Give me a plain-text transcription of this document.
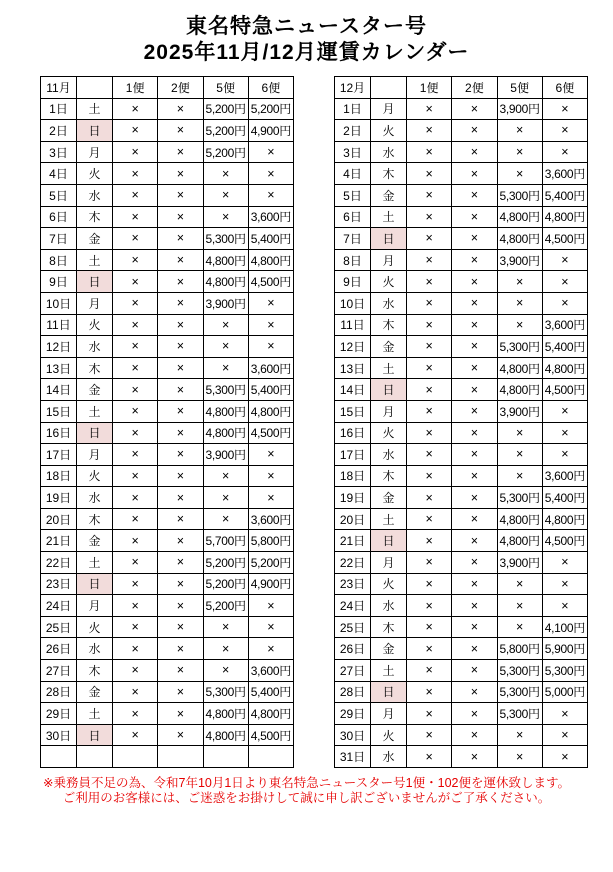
東名特急ニュースター号
2025年11月/12月運賃カレンダー
11月		1便	2便	5便	6便
1日	土	×	×	5,200円	5,200円
2日	日	×	×	5,200円	4,900円
3日	月	×	×	5,200円	×
4日	火	×	×	×	×
5日	水	×	×	×	×
6日	木	×	×	×	3,600円
7日	金	×	×	5,300円	5,400円
8日	土	×	×	4,800円	4,800円
9日	日	×	×	4,800円	4,500円
10日	月	×	×	3,900円	×
11日	火	×	×	×	×
12日	水	×	×	×	×
13日	木	×	×	×	3,600円
14日	金	×	×	5,300円	5,400円
15日	土	×	×	4,800円	4,800円
16日	日	×	×	4,800円	4,500円
17日	月	×	×	3,900円	×
18日	火	×	×	×	×
19日	水	×	×	×	×
20日	木	×	×	×	3,600円
21日	金	×	×	5,700円	5,800円
22日	土	×	×	5,200円	5,200円
23日	日	×	×	5,200円	4,900円
24日	月	×	×	5,200円	×
25日	火	×	×	×	×
26日	水	×	×	×	×
27日	木	×	×	×	3,600円
28日	金	×	×	5,300円	5,400円
29日	土	×	×	4,800円	4,800円
30日	日	×	×	4,800円	4,500円

12月		1便	2便	5便	6便
1日	月	×	×	3,900円	×
2日	火	×	×	×	×
3日	水	×	×	×	×
4日	木	×	×	×	3,600円
5日	金	×	×	5,300円	5,400円
6日	土	×	×	4,800円	4,800円
7日	日	×	×	4,800円	4,500円
8日	月	×	×	3,900円	×
9日	火	×	×	×	×
10日	水	×	×	×	×
11日	木	×	×	×	3,600円
12日	金	×	×	5,300円	5,400円
13日	土	×	×	4,800円	4,800円
14日	日	×	×	4,800円	4,500円
15日	月	×	×	3,900円	×
16日	火	×	×	×	×
17日	水	×	×	×	×
18日	木	×	×	×	3,600円
19日	金	×	×	5,300円	5,400円
20日	土	×	×	4,800円	4,800円
21日	日	×	×	4,800円	4,500円
22日	月	×	×	3,900円	×
23日	火	×	×	×	×
24日	水	×	×	×	×
25日	木	×	×	×	4,100円
26日	金	×	×	5,800円	5,900円
27日	土	×	×	5,300円	5,300円
28日	日	×	×	5,300円	5,000円
29日	月	×	×	5,300円	×
30日	火	×	×	×	×
31日	水	×	×	×	×
※乗務員不足の為、令和7年10月1日より東名特急ニュースター号1便・102便を運休致します。
ご利用のお客様には、ご迷惑をお掛けして誠に申し訳ございませんがご了承ください。
